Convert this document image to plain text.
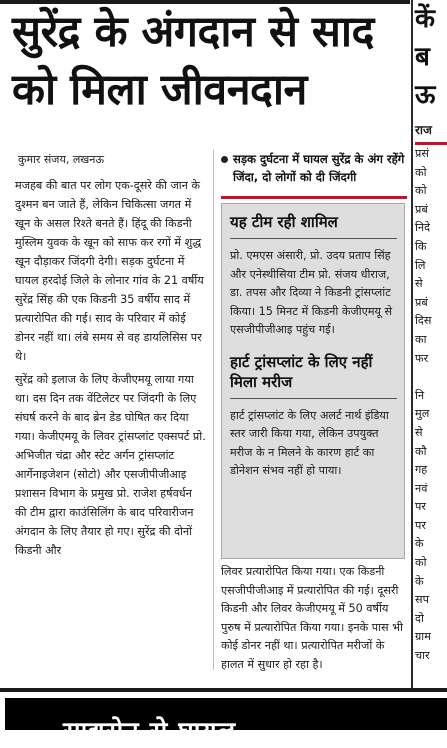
सुरेंद्र के अंगदान से साद
को मिला जीवनदान
कुमार संजय, लखनऊ

मजहब की बात पर लोग एक-दूसरे की जान के दुश्मन बन जाते हैं, लेकिन चिकित्सा जगत में खून के असल रिश्ते बनते हैं। हिंदू की किडनी मुस्लिम युवक के खून को साफ कर रगों में शुद्ध खून दौड़ाकर जिंदगी देगी। सड़क दुर्घटना में घायल हरदोई जिले के लोनार गांव के 21 वर्षीय सुरेंद्र सिंह की एक किडनी 35 वर्षीय साद में प्रत्यारोपित की गई। साद के परिवार में कोई डोनर नहीं था। लंबे समय से वह डायलिसिस पर थे।

सुरेंद्र को इलाज के लिए केजीएमयू लाया गया था। दस दिन तक वेंटिलेटर पर जिंदगी के लिए संघर्ष करने के बाद ब्रेन डेड घोषित कर दिया गया। केजीएमयू के लिवर ट्रांसप्लांट एक्सपर्ट प्रो. अभिजीत चंद्रा और स्टेट अर्गन ट्रांसप्लांट आर्गेनाइजेशन (सोटो) और एसजीपीजीआइ प्रशासन विभाग के प्रमुख प्रो. राजेश हर्षवर्धन की टीम द्वारा काउंसिलिंग के बाद परिवारीजन अंगदान के लिए तैयार हो गए। सुरेंद्र की दोनों किडनी और

सड़क दुर्घटना में घायल सुरेंद्र के अंग रहेंगे जिंदा, दो लोगों को दी जिंदगी
यह टीम रही शामिल

प्रो. एमएस अंसारी, प्रो. उदय प्रताप सिंह और एनेस्थीसिया टीम प्रो. संजय धीराज, डा. तपस और दिव्या ने किडनी ट्रांसप्लांट किया। 15 मिनट में किडनी केजीएमयू से एसजीपीजीआइ पहुंच गई।

हार्ट ट्रांसप्लांट के लिए नहीं मिला मरीज

हार्ट ट्रांसप्लांट के लिए अलर्ट नार्थ इंडिया स्तर जारी किया गया, लेकिन उपयुक्त मरीज के न मिलने के कारण हार्ट का डोनेशन संभव नहीं हो पाया।

लिवर प्रत्यारोपित किया गया। एक किडनी एसजीपीजीआइ में प्रत्यारोपित की गई। दूसरी किडनी और लिवर केजीएमयू में 50 वर्षीय पुरुष में प्रत्यारोपित किया गया। इनके पास भी कोई डोनर नहीं था। प्रत्यारोपित मरीजों के हालत में सुधार हो रहा है।

कें
ब
ऊ
राज
प्रसं
को
को
प्रबं
निदे
कि
लि
से
प्रबं
दिस
का
फर

नि
मुल
से
कौ
गह
नवं
पर
पर
के
को
के
सप
दो
ग्राम
चार
साद्यसेन से घायल
